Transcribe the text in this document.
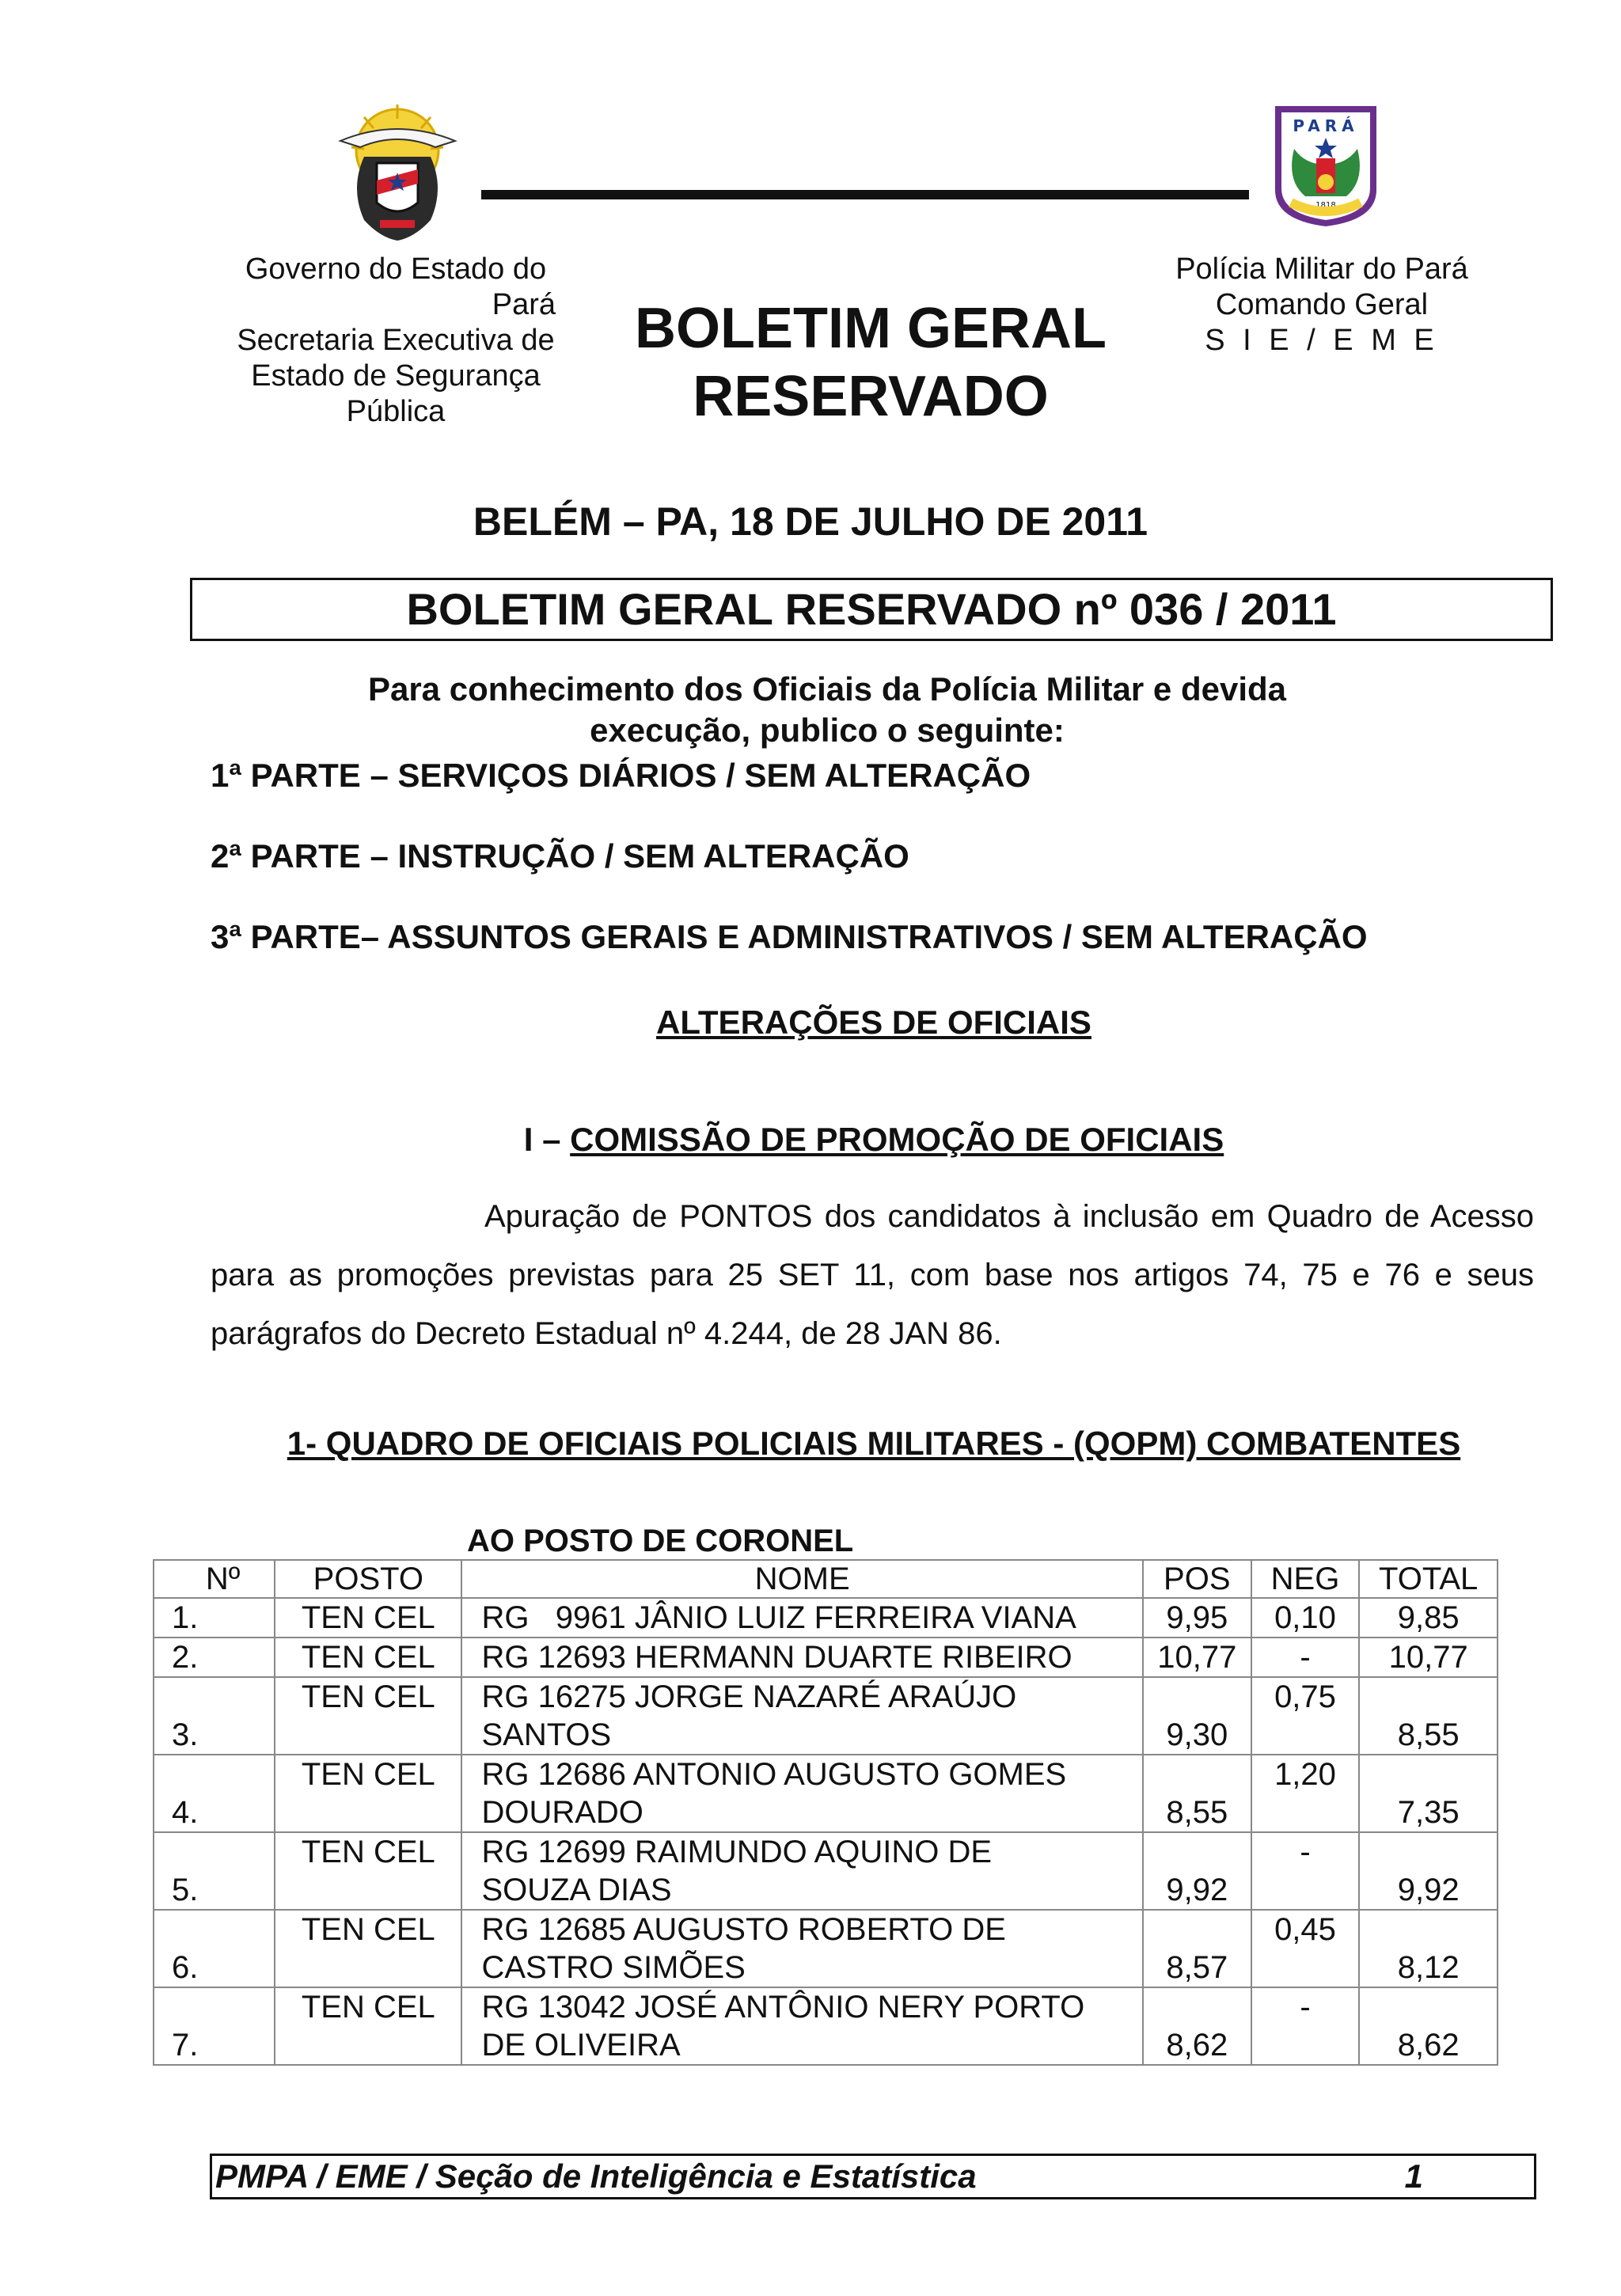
PARÁ
1818
Governo do Estado do
Pará
Secretaria Executiva de
Estado de Segurança
Pública
BOLETIM GERAL
RESERVADO
Polícia Militar do Pará
Comando Geral
S I E / E M E
BELÉM – PA, 18 DE JULHO DE 2011
BOLETIM GERAL RESERVADO nº 036 / 2011
Para conhecimento dos Oficiais da Polícia Militar e devida
execução, publico o seguinte:
1ª PARTE – SERVIÇOS DIÁRIOS / SEM ALTERAÇÃO
2ª PARTE – INSTRUÇÃO / SEM ALTERAÇÃO
3ª PARTE– ASSUNTOS GERAIS E ADMINISTRATIVOS / SEM ALTERAÇÃO
ALTERAÇÕES DE OFICIAIS
I – COMISSÃO DE PROMOÇÃO DE OFICIAIS
Apuração de PONTOS dos candidatos à inclusão em Quadro de Acesso para as promoções previstas para 25 SET 11, com base nos artigos 74, 75 e 76 e seus parágrafos do Decreto Estadual nº 4.244, de 28 JAN 86.
1- QUADRO DE OFICIAIS POLICIAIS MILITARES - (QOPM) COMBATENTES
AO POSTO DE CORONEL
Nº	POSTO	NOME	POS	NEG	TOTAL
1.	TEN CEL	RG   9961 JÂNIO LUIZ FERREIRA VIANA	9,95	0,10	9,85
2.	TEN CEL	RG 12693 HERMANN DUARTE RIBEIRO	10,77	-	10,77
3.	TEN CEL	RG 16275 JORGE NAZARÉ ARAÚJO
SANTOS	9,30	0,75	8,55
4.	TEN CEL	RG 12686 ANTONIO AUGUSTO GOMES
DOURADO	8,55	1,20	7,35
5.	TEN CEL	RG 12699 RAIMUNDO AQUINO DE
SOUZA DIAS	9,92	-	9,92
6.	TEN CEL	RG 12685 AUGUSTO ROBERTO DE
CASTRO SIMÕES	8,57	0,45	8,12
7.	TEN CEL	RG 13042 JOSÉ ANTÔNIO NERY PORTO
DE OLIVEIRA	8,62	-	8,62
PMPA / EME / Seção de Inteligência e Estatística	1
